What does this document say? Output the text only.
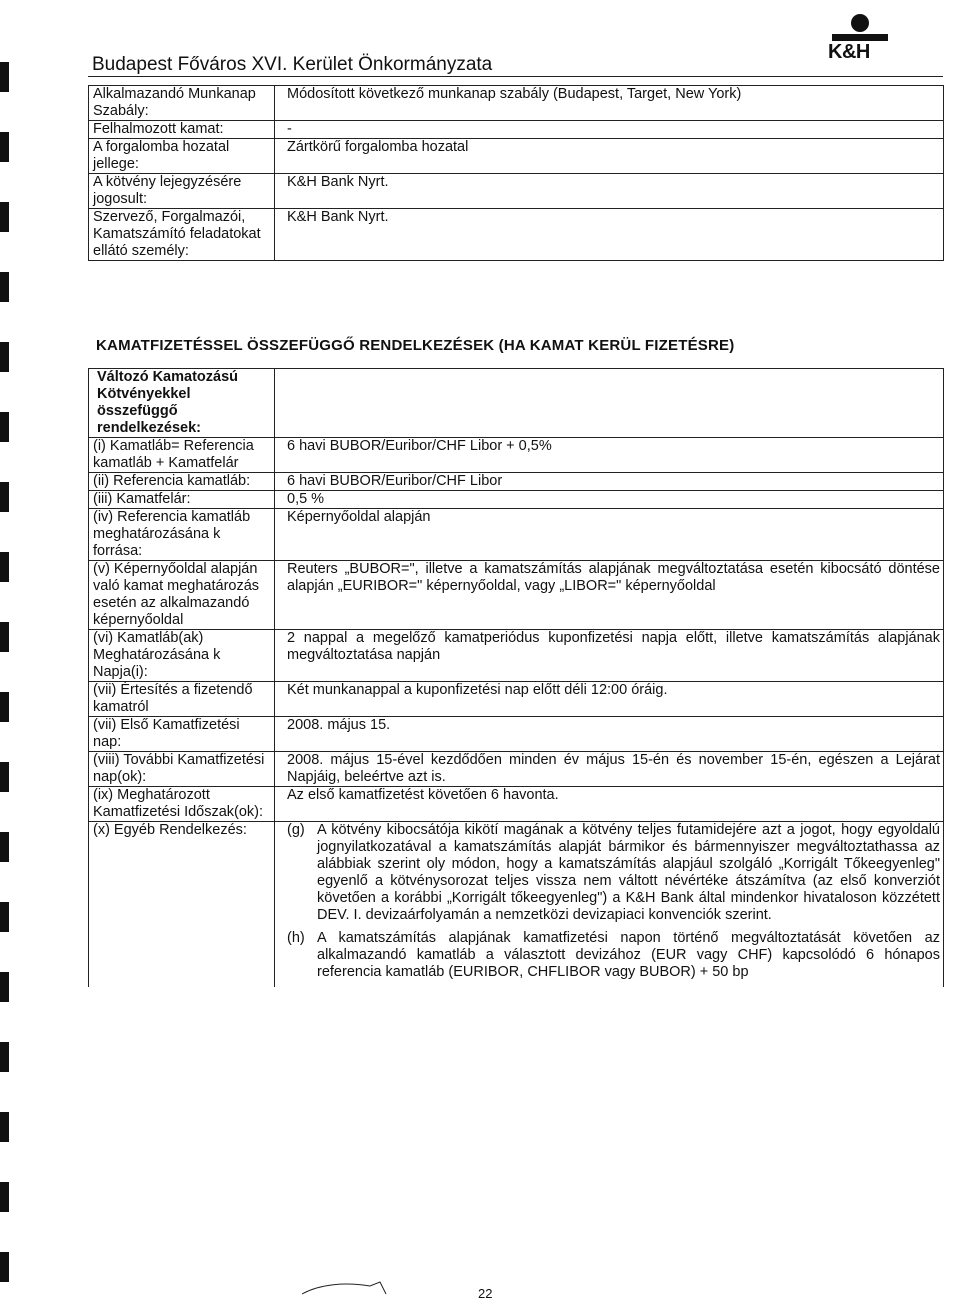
Budapest Főváros XVI. Kerület Önkormányzata
K&H
Alkalmazandó Munkanap Szabály:	Módosított következő munkanap szabály (Budapest, Target, New York)
Felhalmozott kamat:	-
A forgalomba hozatal jellege:	Zártkörű forgalomba hozatal
A kötvény lejegyzésére jogosult:	K&H Bank Nyrt.
Szervező, Forgalmazói, Kamatszámító feladatokat ellátó személy:	K&H Bank Nyrt.
KAMATFIZETÉSSEL ÖSSZEFÜGGŐ RENDELKEZÉSEK (HA KAMAT KERÜL FIZETÉSRE)
Változó Kamatozású Kötvényekkel összefüggő rendelkezések:	
(i) Kamatláb= Referencia kamatláb + Kamatfelár	6 havi BUBOR/Euribor/CHF Libor + 0,5%
(ii) Referencia kamatláb:	6 havi BUBOR/Euribor/CHF Libor
(iii) Kamatfelár:	0,5 %
(iv) Referencia kamatláb meghatározásána k forrása:	Képernyőoldal alapján
(v) Képernyőoldal alapján való kamat meghatározás esetén az alkalmazandó képernyőoldal	Reuters „BUBOR=", illetve a kamatszámítás alapjának megváltoztatása esetén kibocsátó döntése alapján „EURIBOR=" képernyőoldal, vagy „LIBOR=" képernyőoldal
(vi) Kamatláb(ak) Meghatározásána k Napja(i):	2 nappal a megelőző kamatperiódus kuponfizetési napja előtt, illetve kamatszámítás alapjának megváltoztatása napján
(vii) Értesítés a fizetendő kamatról	Két munkanappal a kuponfizetési nap előtt déli 12:00 óráig.
(vii) Első Kamatfizetési nap:	2008. május 15.
(viii) További Kamatfizetési nap(ok):	2008. május 15-ével kezdődően minden év május 15-én és november 15-én, egészen a Lejárat Napjáig, beleértve azt is.
(ix) Meghatározott Kamatfizetési Időszak(ok):	Az első kamatfizetést követően 6 havonta.
(x) Egyéb Rendelkezés:	(g) A kötvény kibocsátója kikötí magának a kötvény teljes futamidejére azt a jogot, hogy egyoldalú jognyilatkozatával a kamatszámítás alapját bármikor és bármennyiszer megváltoztathassa az alábbiak szerint oly módon, hogy a kamatszámítás alapjául szolgáló „Korrigált Tőkeegyenleg" egyenlő a kötvénysorozat teljes vissza nem váltott névértéke átszámítva (az első konverziót követően a korábbi „Korrigált tőkeegyenleg") a K&H Bank által mindenkor hivataloson közzétett DEV. I. devizaárfolyamán a nemzetközi devizapiaci konvenciók szerint.
(h) A kamatszámítás alapjának kamatfizetési napon történő megváltoztatását követően az alkalmazandó kamatláb a választott devizához (EUR vagy CHF) kapcsolódó 6 hónapos referencia kamatláb (EURIBOR, CHFLIBOR vagy BUBOR) + 50 bp
22
